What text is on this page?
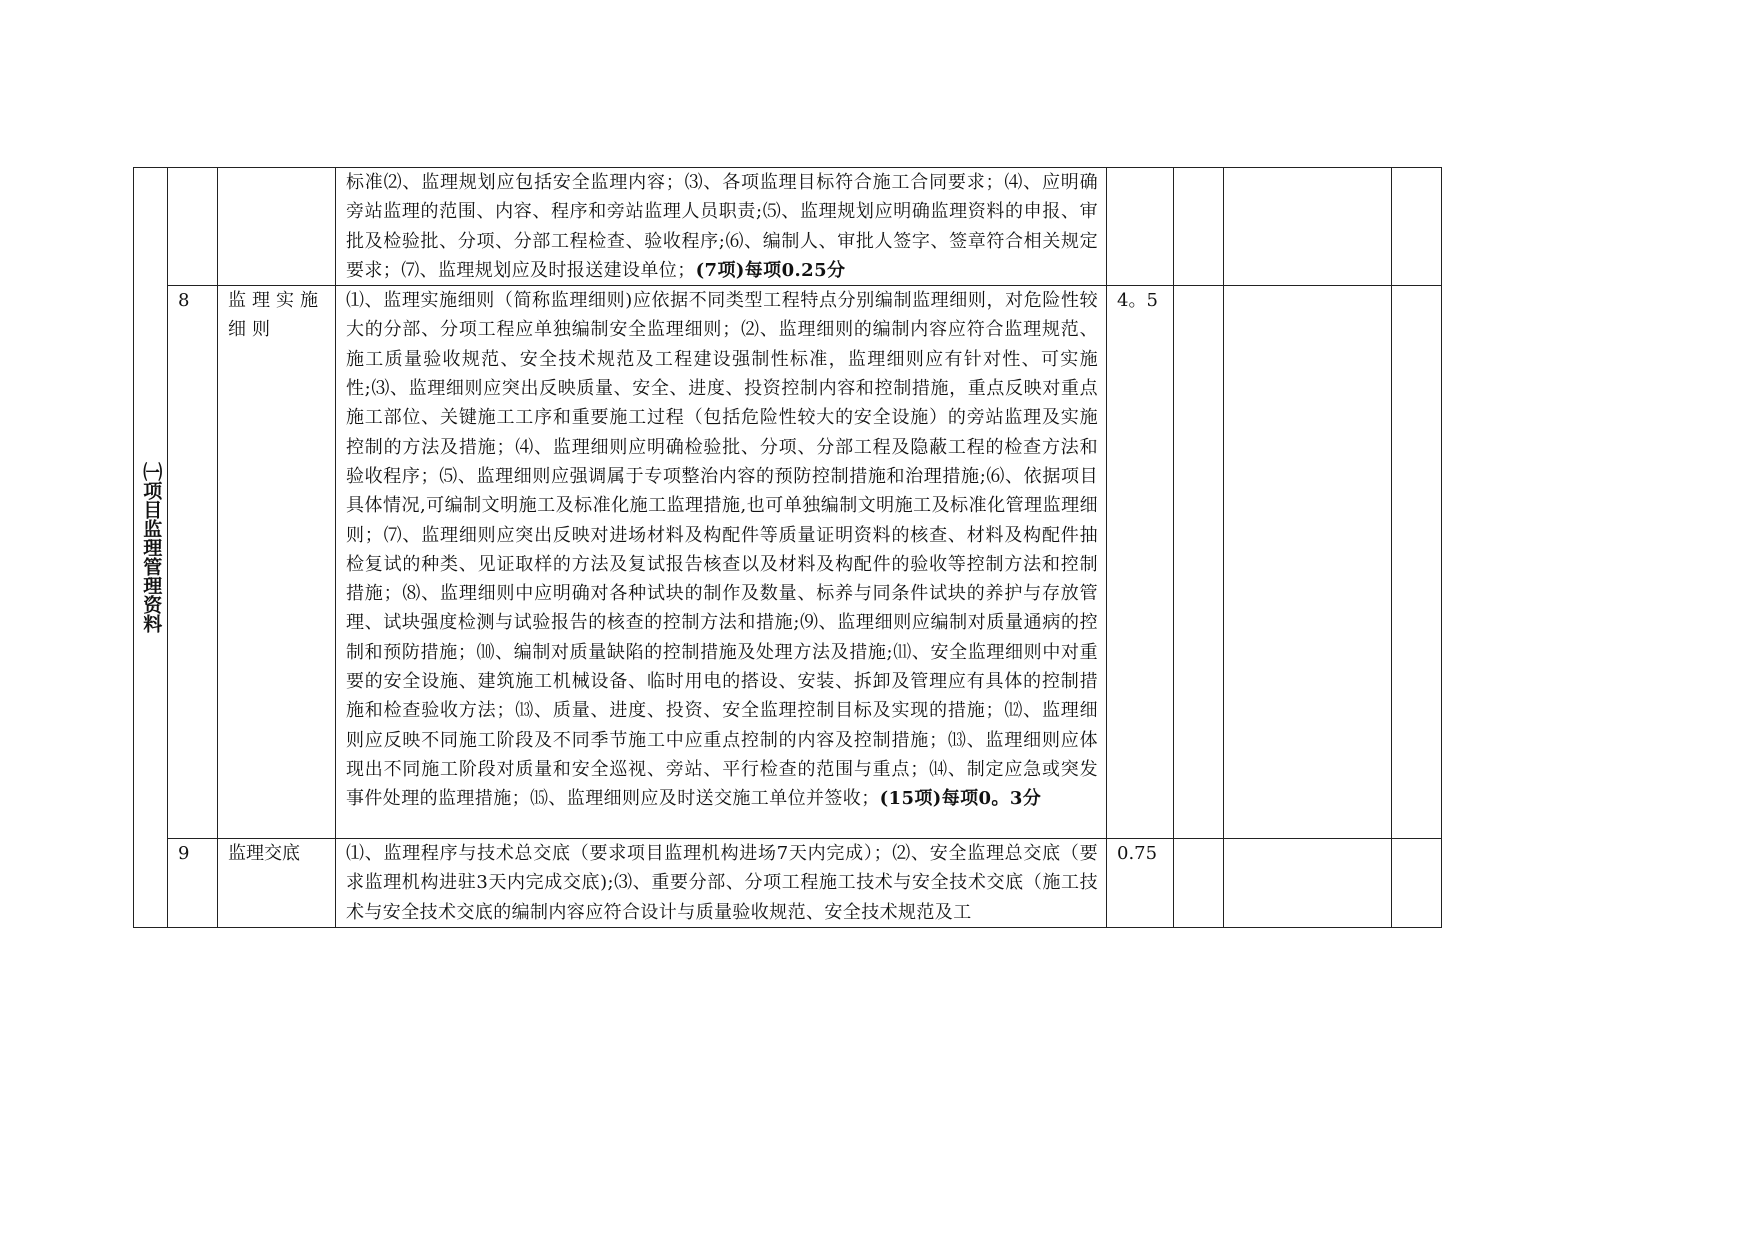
㈠项目监理管理资料			标准⑵、监理规划应包括安全监理内容；⑶、各项监理目标符合施工合同要求；⑷、应明确旁站监理的范围、内容、程序和旁站监理人员职责;⑸、监理规划应明确监理资料的申报、审批及检验批、分项、分部工程检查、验收程序;⑹、编制人、审批人签字、签章符合相关规定要求；⑺、监理规划应及时报送建设单位；(7项)每项0.25分				
	8	监理实施细则	⑴、监理实施细则（简称监理细则)应依据不同类型工程特点分别编制监理细则，对危险性较大的分部、分项工程应单独编制安全监理细则；⑵、监理细则的编制内容应符合监理规范、施工质量验收规范、安全技术规范及工程建设强制性标准，监理细则应有针对性、可实施性;⑶、监理细则应突出反映质量、安全、进度、投资控制内容和控制措施，重点反映对重点施工部位、关键施工工序和重要施工过程（包括危险性较大的安全设施）的旁站监理及实施控制的方法及措施；⑷、监理细则应明确检验批、分项、分部工程及隐蔽工程的检查方法和验收程序；⑸、监理细则应强调属于专项整治内容的预防控制措施和治理措施;⑹、依据项目具体情况,可编制文明施工及标准化施工监理措施,也可单独编制文明施工及标准化管理监理细则；⑺、监理细则应突出反映对进场材料及构配件等质量证明资料的核查、材料及构配件抽检复试的种类、见证取样的方法及复试报告核查以及材料及构配件的验收等控制方法和控制措施；⑻、监理细则中应明确对各种试块的制作及数量、标养与同条件试块的养护与存放管理、试块强度检测与试验报告的核查的控制方法和措施;⑼、监理细则应编制对质量通病的控制和预防措施；⑽、编制对质量缺陷的控制措施及处理方法及措施;⑾、安全监理细则中对重要的安全设施、建筑施工机械设备、临时用电的搭设、安装、拆卸及管理应有具体的控制措施和检查验收方法；⒀、质量、进度、投资、安全监理控制目标及实现的措施；⑿、监理细则应反映不同施工阶段及不同季节施工中应重点控制的内容及控制措施；⒀、监理细则应体现出不同施工阶段对质量和安全巡视、旁站、平行检查的范围与重点；⒁、制定应急或突发事件处理的监理措施；⒂、监理细则应及时送交施工单位并签收；(15项)每项0。3分	4。5			
	9	监理交底	⑴、监理程序与技术总交底（要求项目监理机构进场7天内完成）；⑵、安全监理总交底（要求监理机构进驻3天内完成交底);⑶、重要分部、分项工程施工技术与安全技术交底（施工技术与安全技术交底的编制内容应符合设计与质量验收规范、安全技术规范及工	0.75			
